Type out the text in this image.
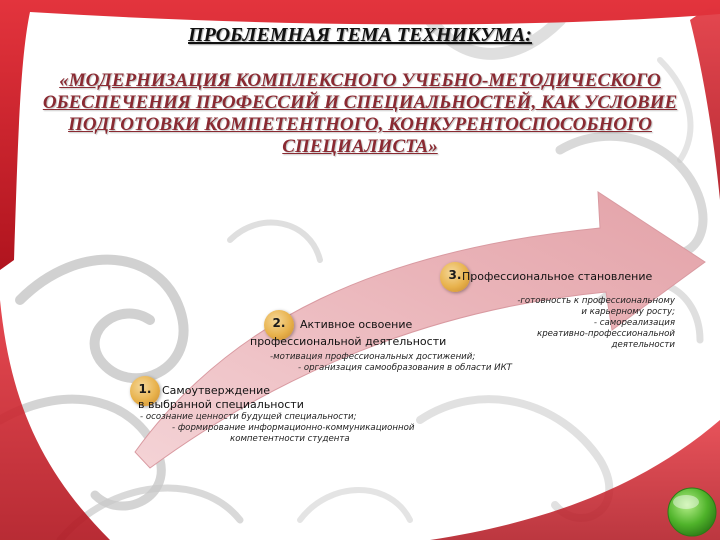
ПРОБЛЕМНАЯ ТЕМА ТЕХНИКУМА:
«МОДЕРНИЗАЦИЯ КОМПЛЕКСНОГО УЧЕБНО-МЕТОДИЧЕСКОГО ОБЕСПЕЧЕНИЯ ПРОФЕССИЙ И СПЕЦИАЛЬНОСТЕЙ, КАК УСЛОВИЕ ПОДГОТОВКИ КОМПЕТЕНТНОГО, КОНКУРЕНТОСПОСОБНОГО СПЕЦИАЛИСТА»
3. Профессиональное становление
-готовность к профессиональному
и карьерному росту;
- самореализация
креативно-профессиональной
деятельности
2.	Активное освоение
профессиональной деятельности
-мотивация профессиональных достижений;
- организация самообразования в области ИКТ
1. Самоутверждение
в выбранной специальности
- осознание ценности будущей специальности;
- формирование информационно-коммуникационной
компетентности студента
